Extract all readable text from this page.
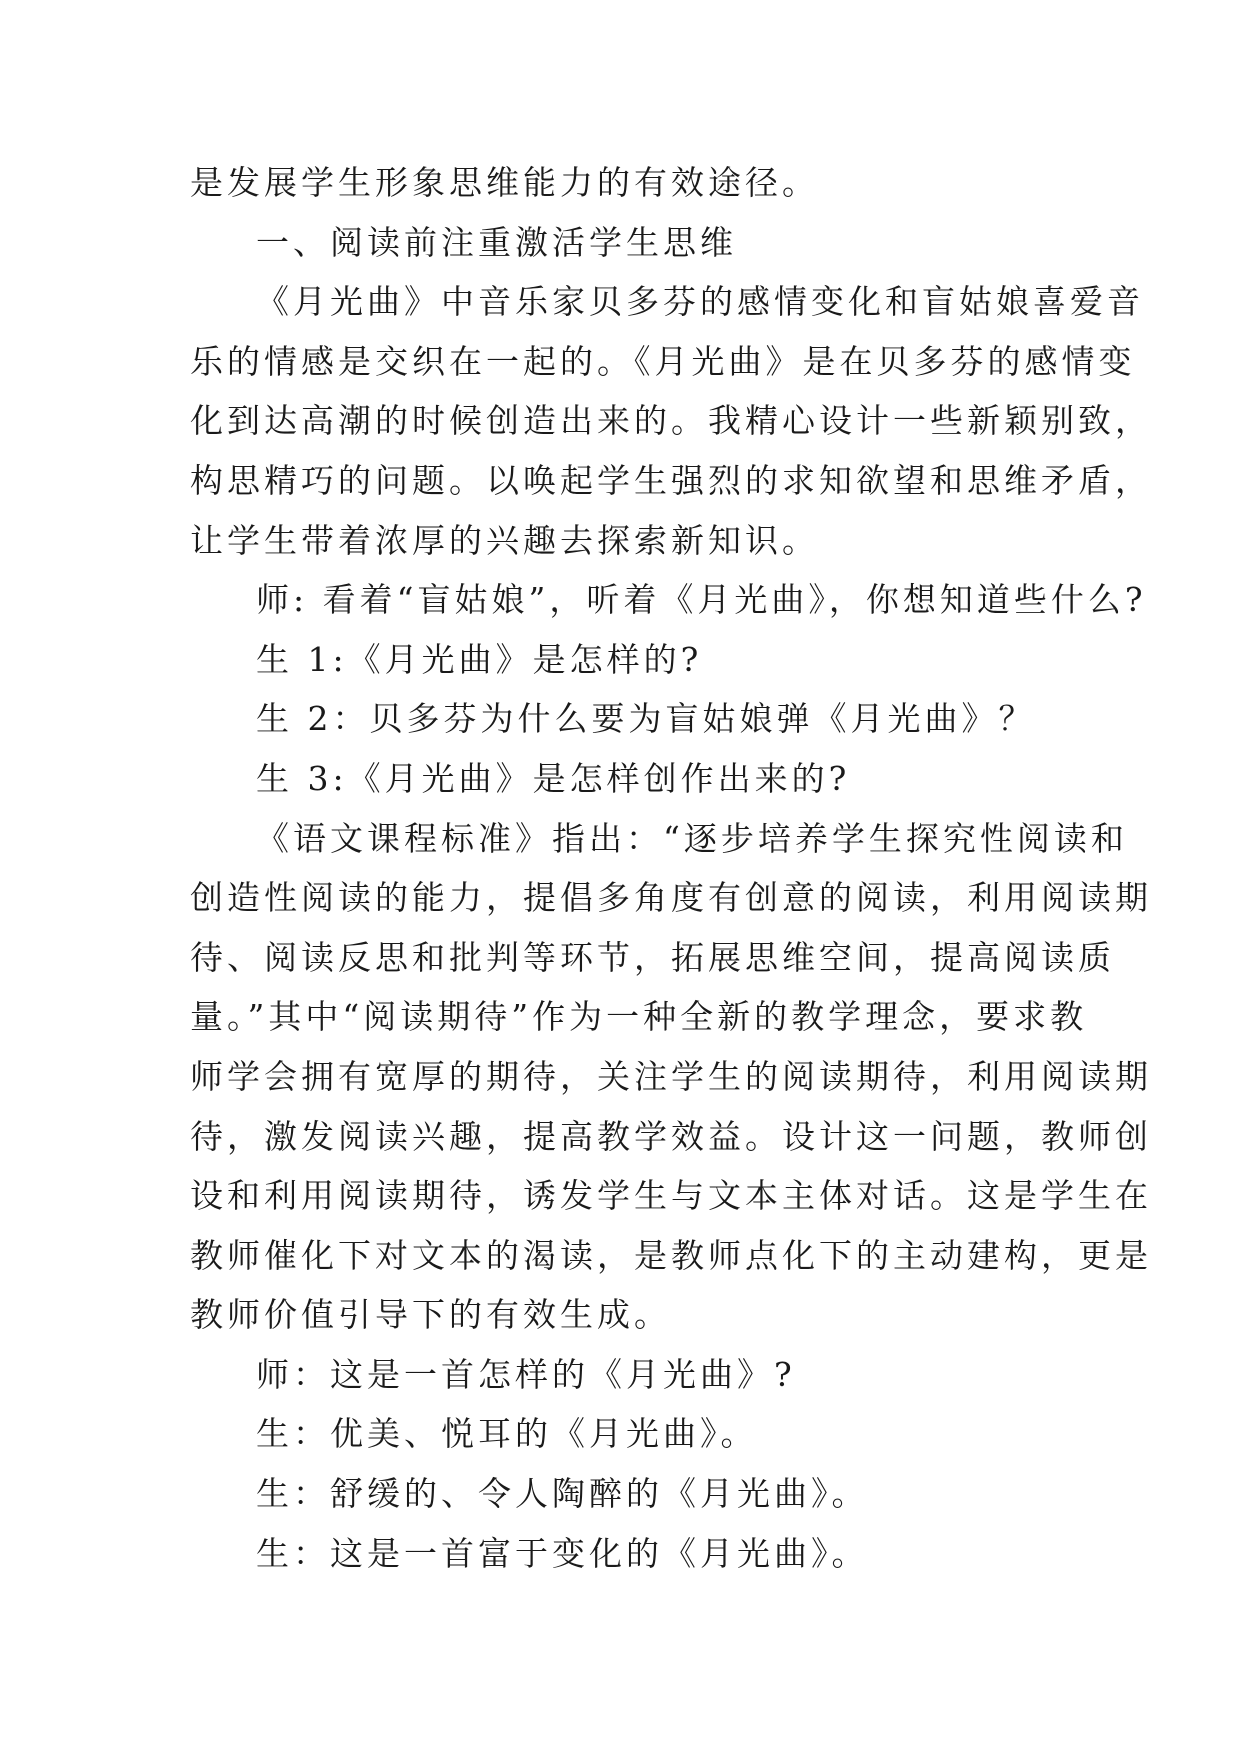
是发展学生形象思维能力的有效途径。
一、阅读前注重激活学生思维
《月光曲》中音乐家贝多芬的感情变化和盲姑娘喜爱音
乐的情感是交织在一起的。《月光曲》是在贝多芬的感情变
化到达高潮的时候创造出来的。我精心设计一些新颖别致，
构思精巧的问题。以唤起学生强烈的求知欲望和思维矛盾，
让学生带着浓厚的兴趣去探索新知识。
师: 看着“盲姑娘”，听着《月光曲》，你想知道些什么?
生 1:《月光曲》是怎样的?
生 2：贝多芬为什么要为盲姑娘弹《月光曲》？
生 3:《月光曲》是怎样创作出来的?
《语文课程标准》指出：“逐步培养学生探究性阅读和
创造性阅读的能力，提倡多角度有创意的阅读，利用阅读期
待、阅读反思和批判等环节，拓展思维空间，提高阅读质
量。”其中“阅读期待”作为一种全新的教学理念，要求教
师学会拥有宽厚的期待，关注学生的阅读期待，利用阅读期
待，激发阅读兴趣，提高教学效益。设计这一问题，教师创
设和利用阅读期待，诱发学生与文本主体对话。这是学生在
教师催化下对文本的渴读，是教师点化下的主动建构，更是
教师价值引导下的有效生成。
师：这是一首怎样的《月光曲》?
生：优美、悦耳的《月光曲》。
生：舒缓的、令人陶醉的《月光曲》。
生：这是一首富于变化的《月光曲》。
